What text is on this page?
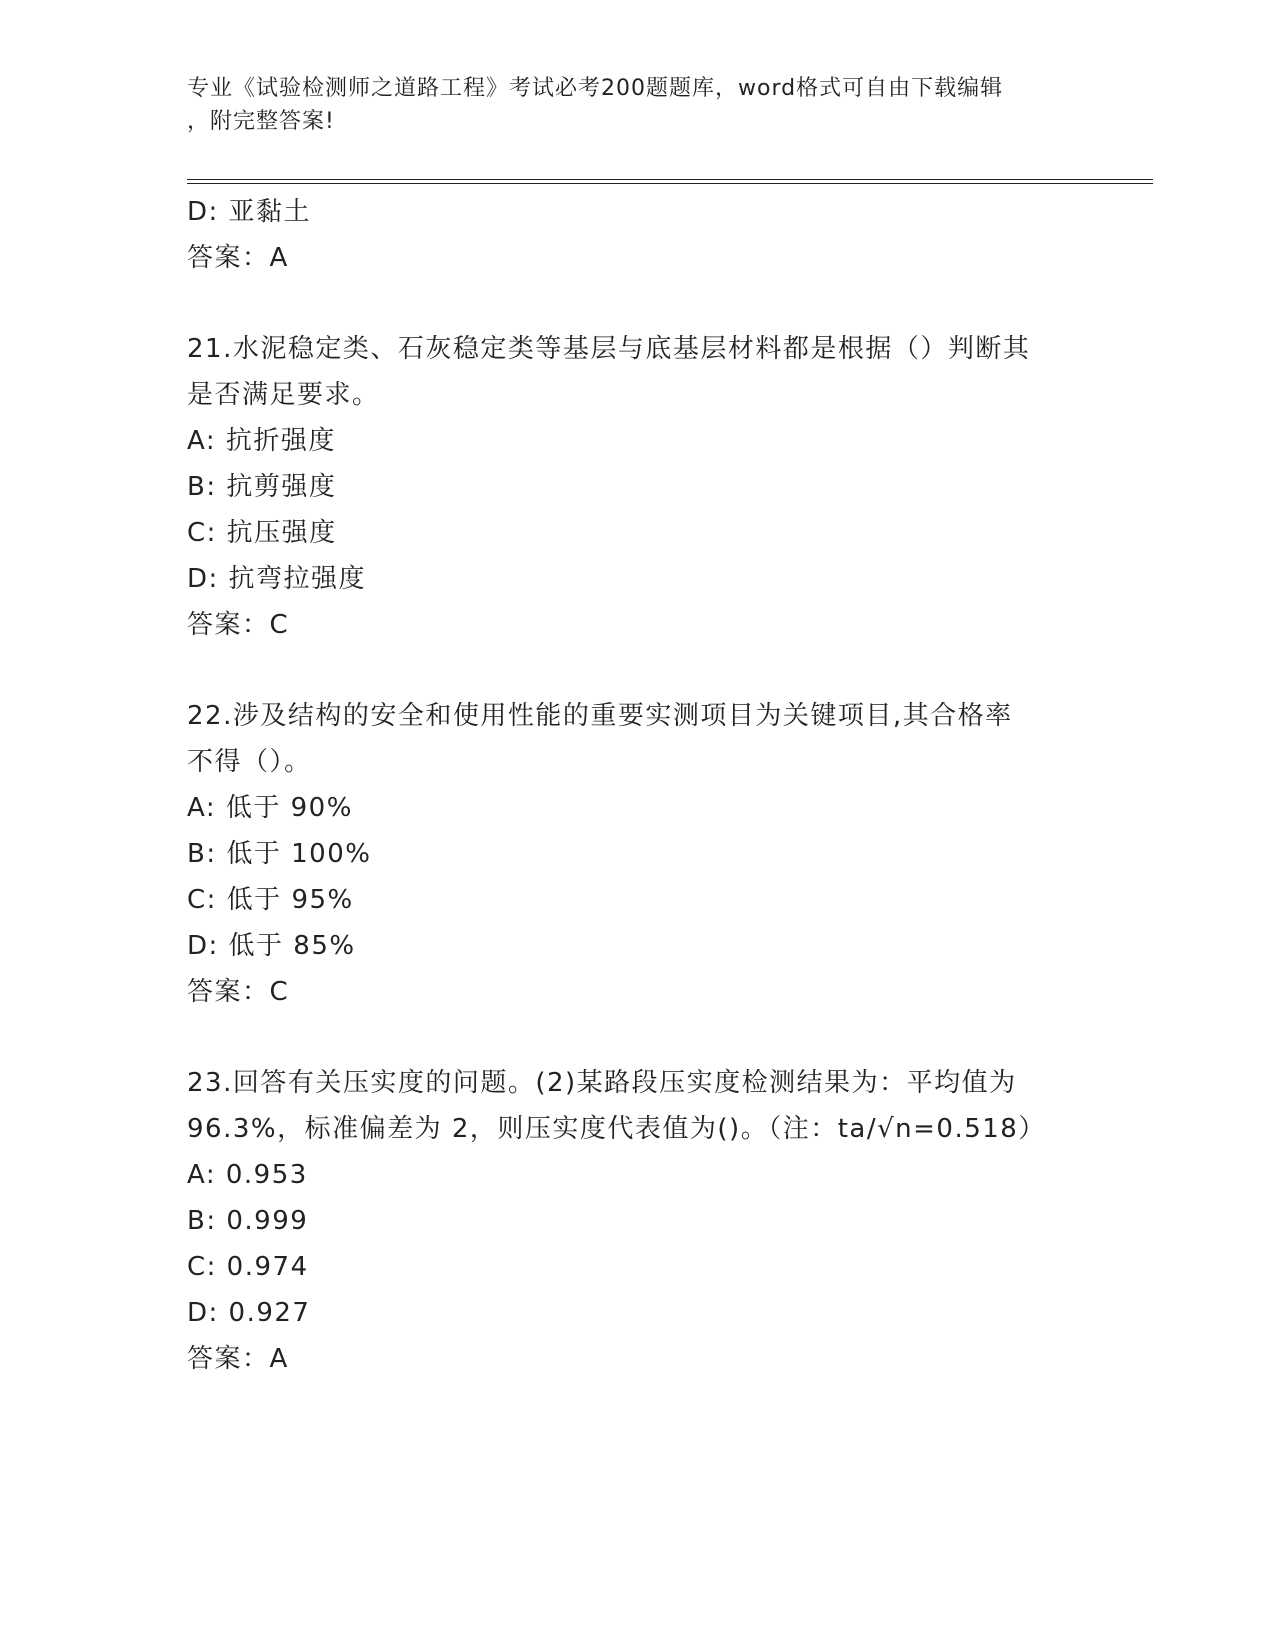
专业《试验检测师之道路工程》考试必考200题题库，word格式可自由下载编辑
，附完整答案!
D: 亚黏土
答案：A
21.水泥稳定类、石灰稳定类等基层与底基层材料都是根据（）判断其
是否满足要求。
A: 抗折强度
B: 抗剪强度
C: 抗压强度
D: 抗弯拉强度
答案：C
22.涉及结构的安全和使用性能的重要实测项目为关键项目,其合格率
不得（）。
A: 低于 90%
B: 低于 100%
C: 低于 95%
D: 低于 85%
答案：C
23.回答有关压实度的问题。(2)某路段压实度检测结果为：平均值为
96.3%，标准偏差为 2，则压实度代表值为()。（注：ta/√n=0.518）
A: 0.953
B: 0.999
C: 0.974
D: 0.927
答案：A
